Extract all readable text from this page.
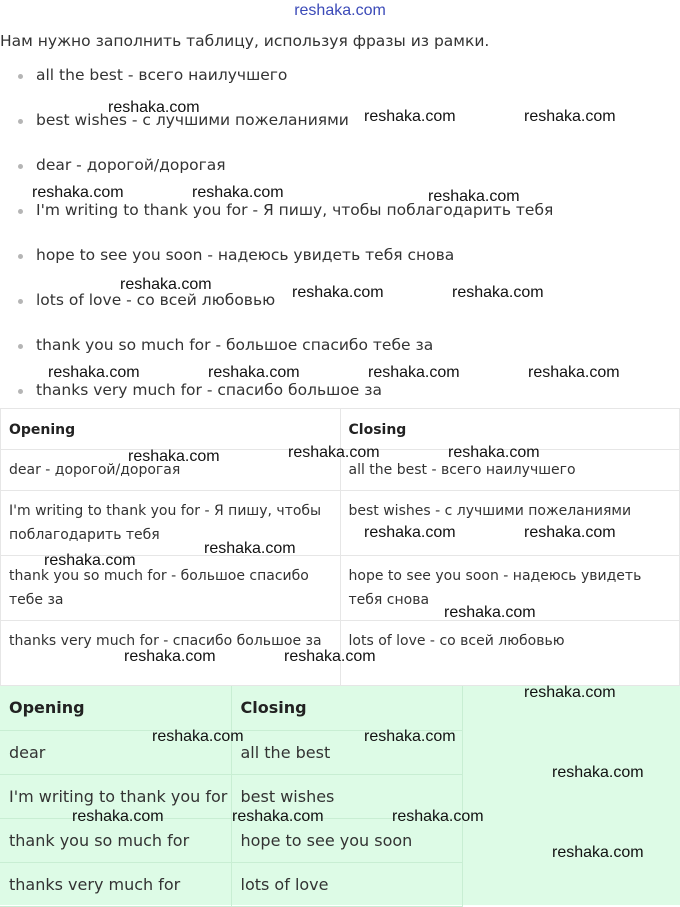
reshaka.com
Нам нужно заполнить таблицу, используя фразы из рамки.
all the best - всего наилучшего
best wishes - с лучшими пожеланиями
dear - дорогой/дорогая
I'm writing to thank you for - Я пишу, чтобы поблагодарить тебя
hope to see you soon - надеюсь увидеть тебя снова
lots of love - со всей любовью
thank you so much for - большое спасибо тебе за
thanks very much for - спасибо большое за
Opening	Closing
dear - дорогой/дорогая	all the best - всего наилучшего
I'm writing to thank you for - Я пишу, чтобы поблагодарить тебя	best wishes - с лучшими пожеланиями
thank you so much for - большое спасибо тебе за	hope to see you soon - надеюсь увидеть тебя снова
thanks very much for - спасибо большое за	lots of love - со всей любовью
Opening	Closing
dear	all the best
I'm writing to thank you for	best wishes
thank you so much for	hope to see you soon
thanks very much for	lots of love
reshaka.com
reshaka.com	reshaka.com
reshaka.com	reshaka.com	reshaka.com
reshaka.com	reshaka.com	reshaka.com
reshaka.com	reshaka.com	reshaka.com	reshaka.com
reshaka.com	reshaka.com
reshaka.com
reshaka.com	reshaka.com
reshaka.com
reshaka.com
reshaka.com
reshaka.com	reshaka.com
reshaka.com
reshaka.com	reshaka.com
reshaka.com
reshaka.com	reshaka.com	reshaka.com
reshaka.com
